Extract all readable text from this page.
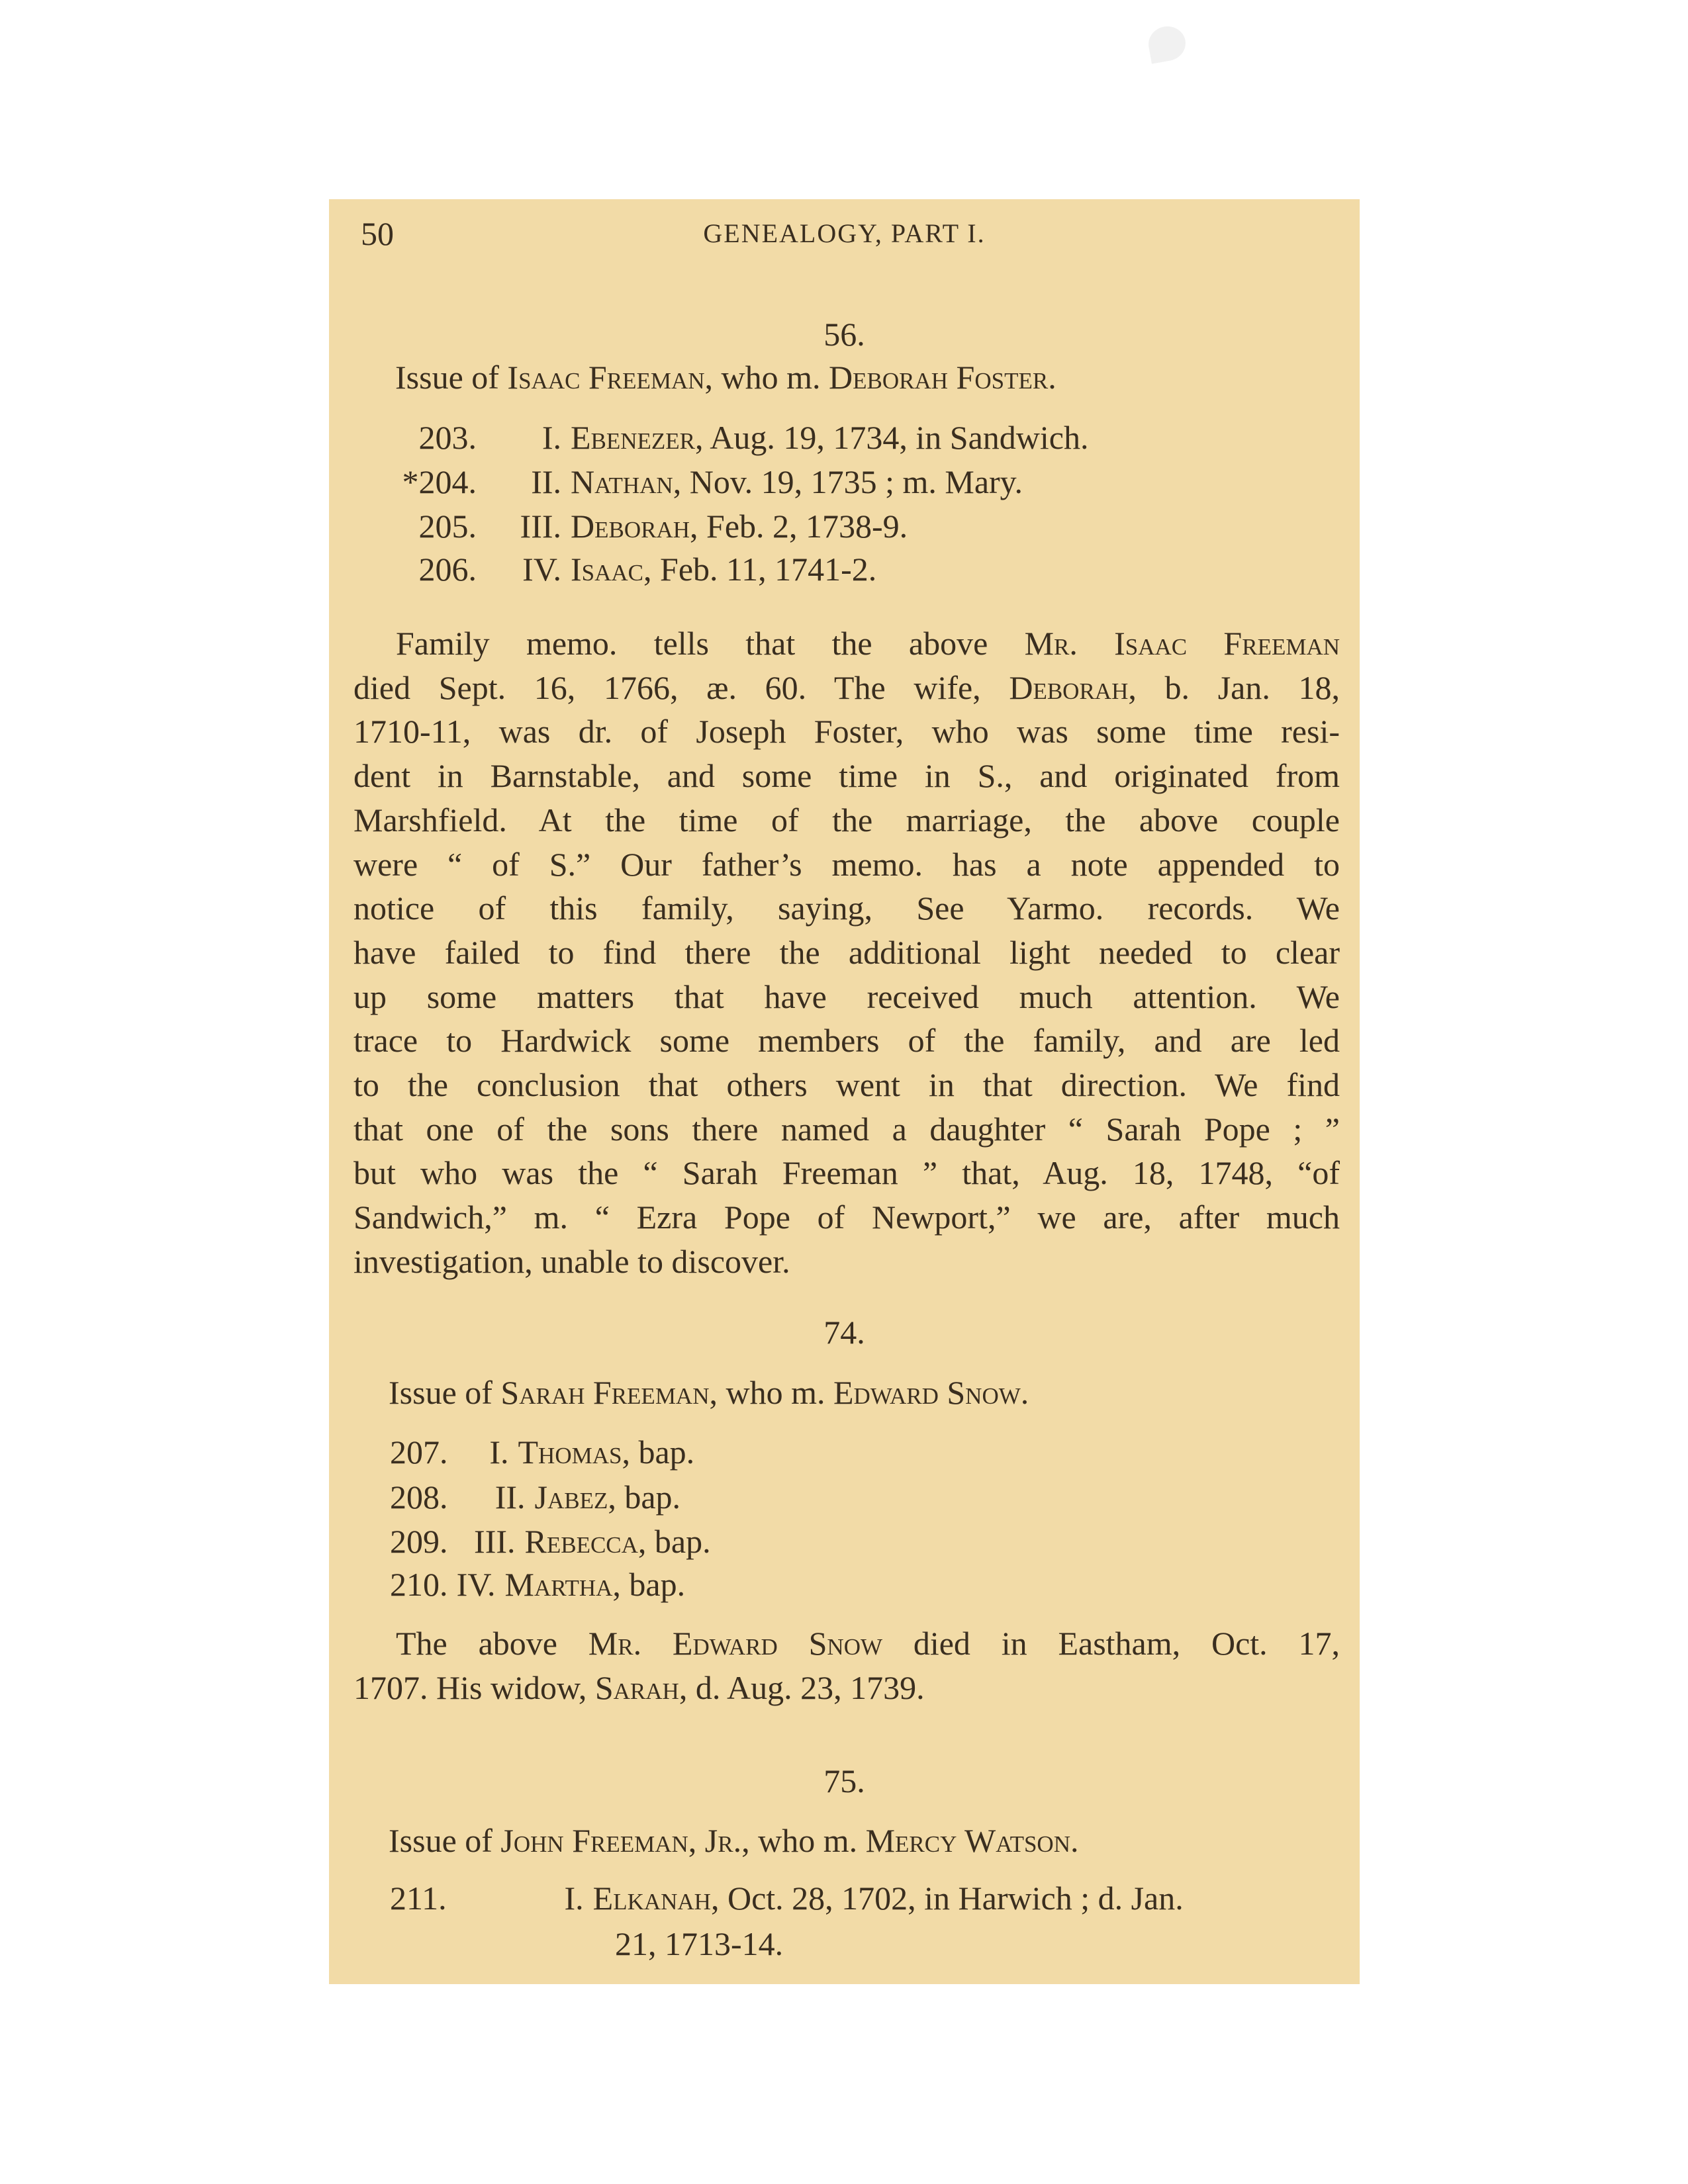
50	GENEALOGY, PART I.
56.
Issue of Isaac Freeman, who m. Deborah Foster.
203. I. Ebenezer, Aug. 19, 1734, in Sandwich.
*204. II. Nathan, Nov. 19, 1735 ; m. Mary.
205. III. Deborah, Feb. 2, 1738-9.
206. IV. Isaac, Feb. 11, 1741-2.
Family memo. tells that the above Mr. Isaac Freeman
died Sept. 16, 1766, æ. 60. The wife, Deborah, b. Jan. 18,
1710-11, was dr. of Joseph Foster, who was some time resi-
dent in Barnstable, and some time in S., and originated from
Marshfield. At the time of the marriage, the above couple
were “ of S.” Our father’s memo. has a note appended to
notice of this family, saying, See Yarmo. records. We
have failed to find there the additional light needed to clear
up some matters that have received much attention. We
trace to Hardwick some members of the family, and are led
to the conclusion that others went in that direction. We find
that one of the sons there named a daughter “ Sarah Pope ; ”
but who was the “ Sarah Freeman ” that, Aug. 18, 1748, “of
Sandwich,” m. “ Ezra Pope of Newport,” we are, after much
investigation, unable to discover.
74.
Issue of Sarah Freeman, who m. Edward Snow.
207. I. Thomas, bap.
208. II. Jabez, bap.
209. III. Rebecca, bap.
210. IV. Martha, bap.
The above Mr. Edward Snow died in Eastham, Oct. 17,
1707. His widow, Sarah, d. Aug. 23, 1739.
75.
Issue of John Freeman, Jr., who m. Mercy Watson.
211.	I. Elkanah, Oct. 28, 1702, in Harwich ; d. Jan.
21, 1713-14.
